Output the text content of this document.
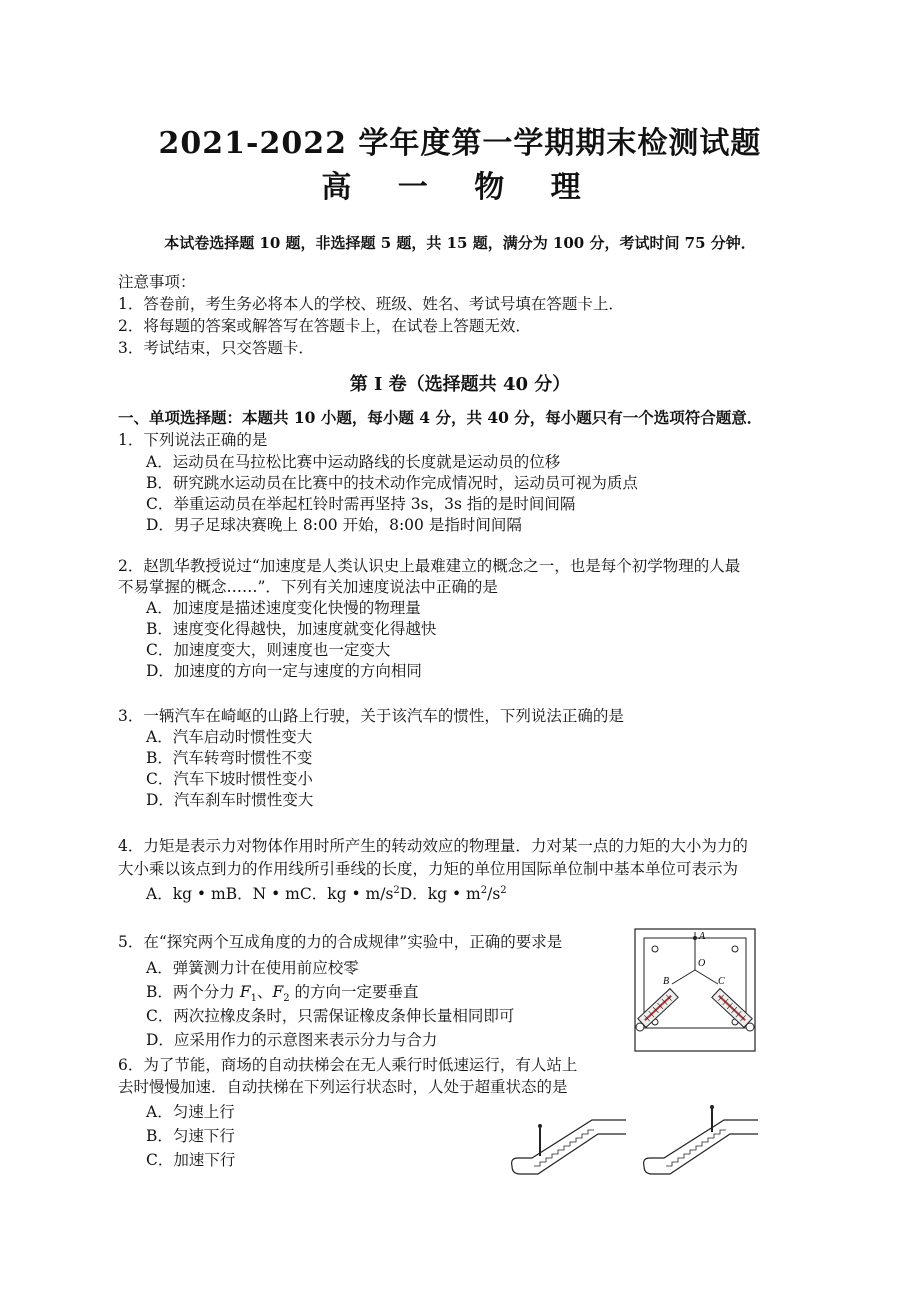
2021-2022 学年度第一学期期末检测试题
高 一 物 理
本试卷选择题 10 题，非选择题 5 题，共 15 题，满分为 100 分，考试时间 75 分钟．
注意事项：
1．答卷前，考生务必将本人的学校、班级、姓名、考试号填在答题卡上．
2．将每题的答案或解答写在答题卡上，在试卷上答题无效．
3．考试结束，只交答题卡．
第 I 卷（选择题共 40 分）
一、单项选择题：本题共 10 小题，每小题 4 分，共 40 分，每小题只有一个选项符合题意．
1．下列说法正确的是
A．运动员在马拉松比赛中运动路线的长度就是运动员的位移
B．研究跳水运动员在比赛中的技术动作完成情况时，运动员可视为质点
C．举重运动员在举起杠铃时需再坚持 3s，3s 指的是时间间隔
D．男子足球决赛晚上 8:00 开始，8:00 是指时间间隔
2．赵凯华教授说过“加速度是人类认识史上最难建立的概念之一，也是每个初学物理的人最
不易掌握的概念……”．下列有关加速度说法中正确的是
A．加速度是描述速度变化快慢的物理量
B．速度变化得越快，加速度就变化得越快
C．加速度变大，则速度也一定变大
D．加速度的方向一定与速度的方向相同
3．一辆汽车在崎岖的山路上行驶，关于该汽车的惯性，下列说法正确的是
A．汽车启动时惯性变大
B．汽车转弯时惯性不变
C．汽车下坡时惯性变小
D．汽车刹车时惯性变大
4．力矩是表示力对物体作用时所产生的转动效应的物理量．力对某一点的力矩的大小为力的
大小乘以该点到力的作用线所引垂线的长度，力矩的单位用国际单位制中基本单位可表示为
A．kg • mB．N • mC．kg • $m/s^2D$．kg • $m^2/s^2$
5．在“探究两个互成角度的力的合成规律”实验中，正确的要求是
A．弹簧测力计在使用前应校零
B．两个分力 $F_1$、$F_2$ 的方向一定要垂直
C．两次拉橡皮条时，只需保证橡皮条伸长量相同即可
D．应采用作力的示意图来表示分力与合力
A
B	C
O
6．为了节能，商场的自动扶梯会在无人乘行时低速运行，有人站上
去时慢慢加速．自动扶梯在下列运行状态时，人处于超重状态的是
A．匀速上行
B．匀速下行
C．加速下行
